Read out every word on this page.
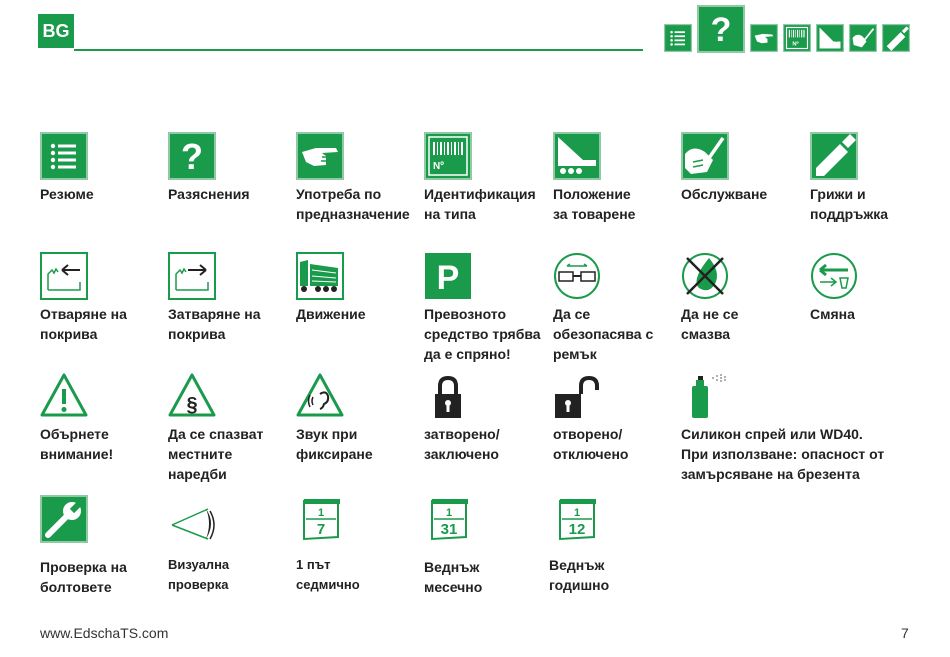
BG	?	Nº
Резюме
?
Разяснения	Употреба по
предназначение
Nº
Идентификация
на типа
Положение
за товарене
Обслужване	Грижи и
поддръжка
Отваряне на
покрива
Затваряне на
покрива
Движение
P
Превозното
средство трябва
да е спряно!
Да се
обезопасява с
ремък
Да не се
смазва
Смяна
Обърнете
внимание!
§
Да се спазват
местните
наредби
Звук при
фиксиране
затворено/
заключено
отворено/
отключено
Силикон спрей или WD40.
При използване: опасност от
замърсяване на брезента
Проверка на
болтовете
Визуална
проверка
1
7
1 път
седмично
1
31
Веднъж
месечно
1
12
Веднъж
годишно
www.EdschaTS.com	7
